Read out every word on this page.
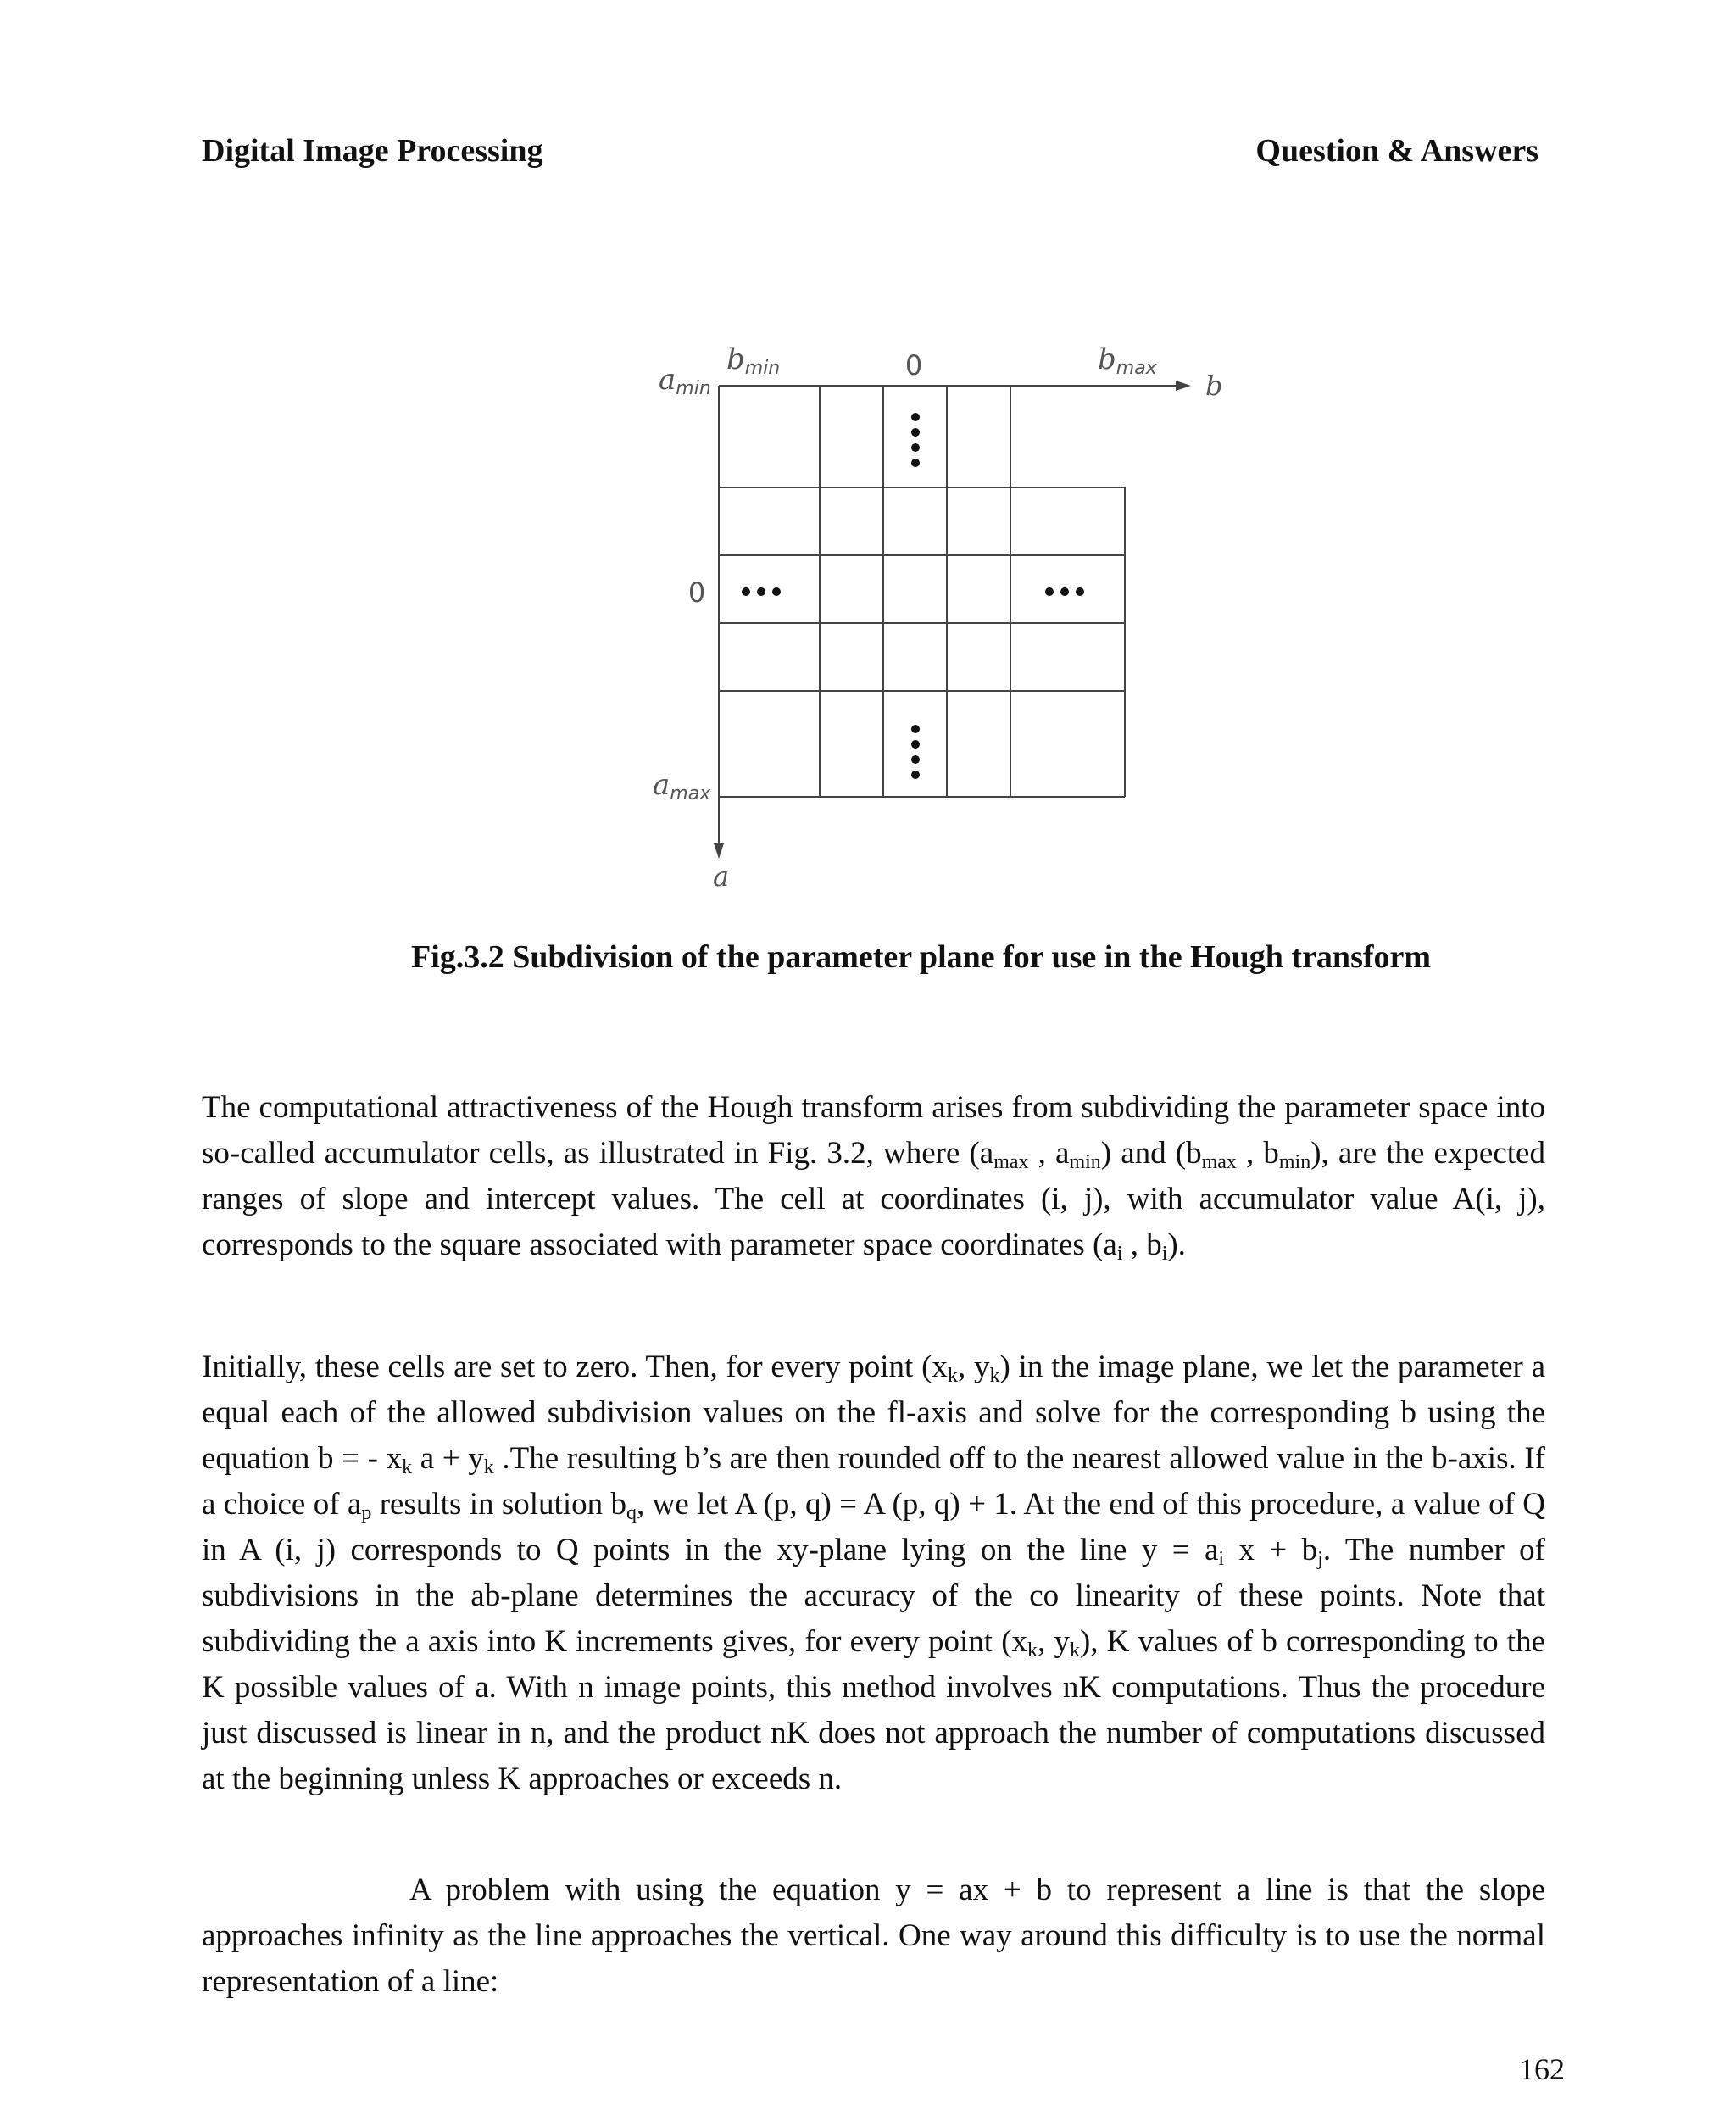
Digital Image Processing	Question & Answers
amin
bmin	0	bmax
b
0
amax
a
Fig.3.2 Subdivision of the parameter plane for use in the Hough transform

The computational attractiveness of the Hough transform arises from subdividing the parameter space into so-called accumulator cells, as illustrated in Fig. 3.2, where ($a_{max}$ , $a_{min}$) and ($b_{max}$ , $b_{min}$), are the expected ranges of slope and intercept values. The cell at coordinates (i, j), with accumulator value A(i, j), corresponds to the square associated with parameter space coordinates ($a_i$ , $b_i$).

Initially, these cells are set to zero. Then, for every point ($x_k$, $y_k$) in the image plane, we let the parameter a equal each of the allowed subdivision values on the fl-axis and solve for the corresponding b using the equation b = - $x_k$ $a + y_k$ .The resulting b’s are then rounded off to the nearest allowed value in the b-axis. If a choice of $a_p$ results in solution $b_q$, we let A (p, q) = A (p, q) + 1. At the end of this procedure, a value of Q in A (i, j) corresponds to Q points in the xy-plane lying on the line $y = a_i$ $x + b_j$. The number of subdivisions in the ab-plane determines the accuracy of the co linearity of these points. Note that subdividing the a axis into K increments gives, for every point ($x_k$, $y_k$), K values of b corresponding to the K possible values of a. With n image points, this method involves nK computations. Thus the procedure just discussed is linear in n, and the product nK does not approach the number of computations discussed at the beginning unless K approaches or exceeds n.

A problem with using the equation y = ax + b to represent a line is that the slope approaches infinity as the line approaches the vertical. One way around this difficulty is to use the normal representation of a line:

162
